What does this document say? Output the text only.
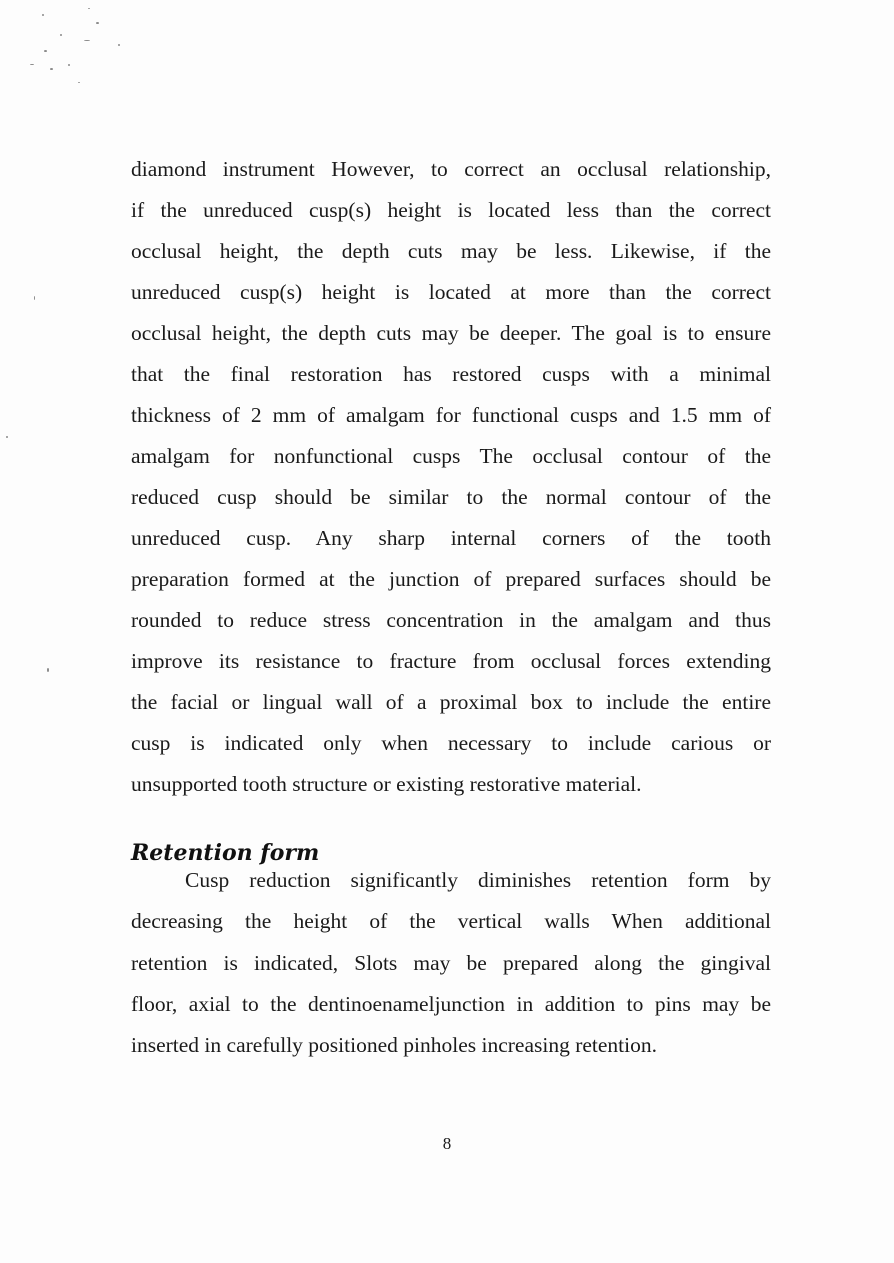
diamond instrument However, to correct an occlusal relationship,
if the unreduced cusp(s) height is located less than the correct
occlusal height, the depth cuts may be less. Likewise, if the
unreduced cusp(s) height is located at more than the correct
occlusal height, the depth cuts may be deeper. The goal is to ensure
that the final restoration has restored cusps with a minimal
thickness of 2 mm of amalgam for functional cusps and 1.5 mm of
amalgam for nonfunctional cusps The occlusal contour of the
reduced cusp should be similar to the normal contour of the
unreduced cusp. Any sharp internal corners of the tooth
preparation formed at the junction of prepared surfaces should be
rounded to reduce stress concentration in the amalgam and thus
improve its resistance to fracture from occlusal forces extending
the facial or lingual wall of a proximal box to include the entire
cusp is indicated only when necessary to include carious or
unsupported tooth structure or existing restorative material.
Retention form
Cusp reduction significantly diminishes retention form by
decreasing the height of the vertical walls When additional
retention is indicated, Slots may be prepared along the gingival
floor, axial to the dentinoenameljunction in addition to pins may be
inserted in carefully positioned pinholes increasing retention.
8
